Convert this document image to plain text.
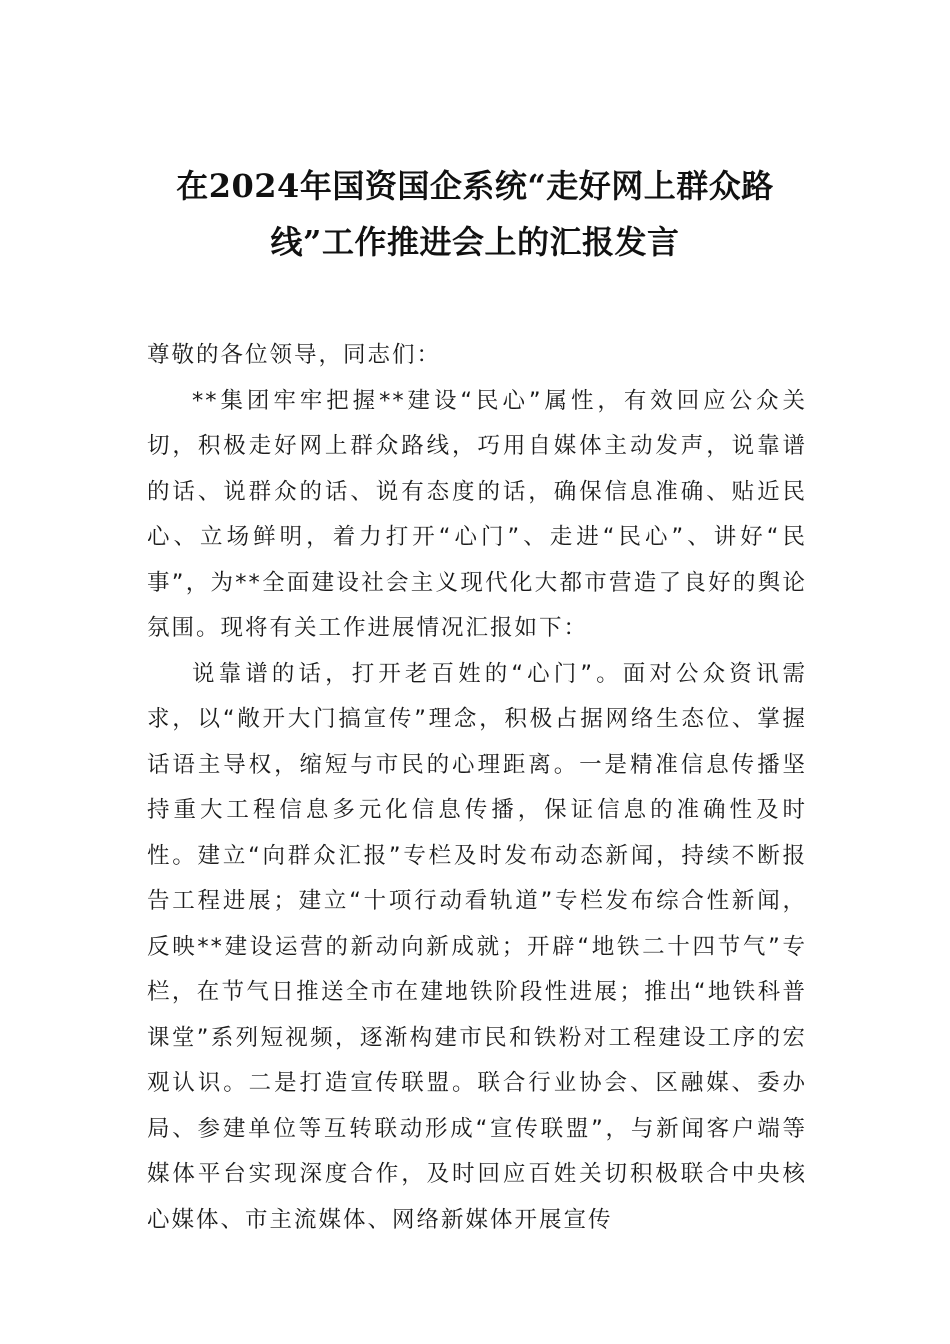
在2024年国资国企系统“走好网上群众路
线”工作推进会上的汇报发言

尊敬的各位领导，同志们：

**集团牢牢把握**建设“民心”属性，有效回应公众关切，积极走好网上群众路线，巧用自媒体主动发声，说靠谱的话、说群众的话、说有态度的话，确保信息准确、贴近民心、立场鲜明，着力打开“心门”、走进“民心”、讲好“民事”，为**全面建设社会主义现代化大都市营造了良好的舆论氛围。现将有关工作进展情况汇报如下：

说靠谱的话，打开老百姓的“心门”。面对公众资讯需求，以“敞开大门搞宣传”理念，积极占据网络生态位、掌握话语主导权，缩短与市民的心理距离。一是精准信息传播坚持重大工程信息多元化信息传播，保证信息的准确性及时性。建立“向群众汇报”专栏及时发布动态新闻，持续不断报告工程进展；建立“十项行动看轨道”专栏发布综合性新闻，反映**建设运营的新动向新成就；开辟“地铁二十四节气”专栏，在节气日推送全市在建地铁阶段性进展；推出“地铁科普课堂”系列短视频，逐渐构建市民和铁粉对工程建设工序的宏观认识。二是打造宣传联盟。联合行业协会、区融媒、委办局、参建单位等互转联动形成“宣传联盟”，与新闻客户端等媒体平台实现深度合作，及时回应百姓关切积极联合中央核心媒体、市主流媒体、网络新媒体开展宣传
